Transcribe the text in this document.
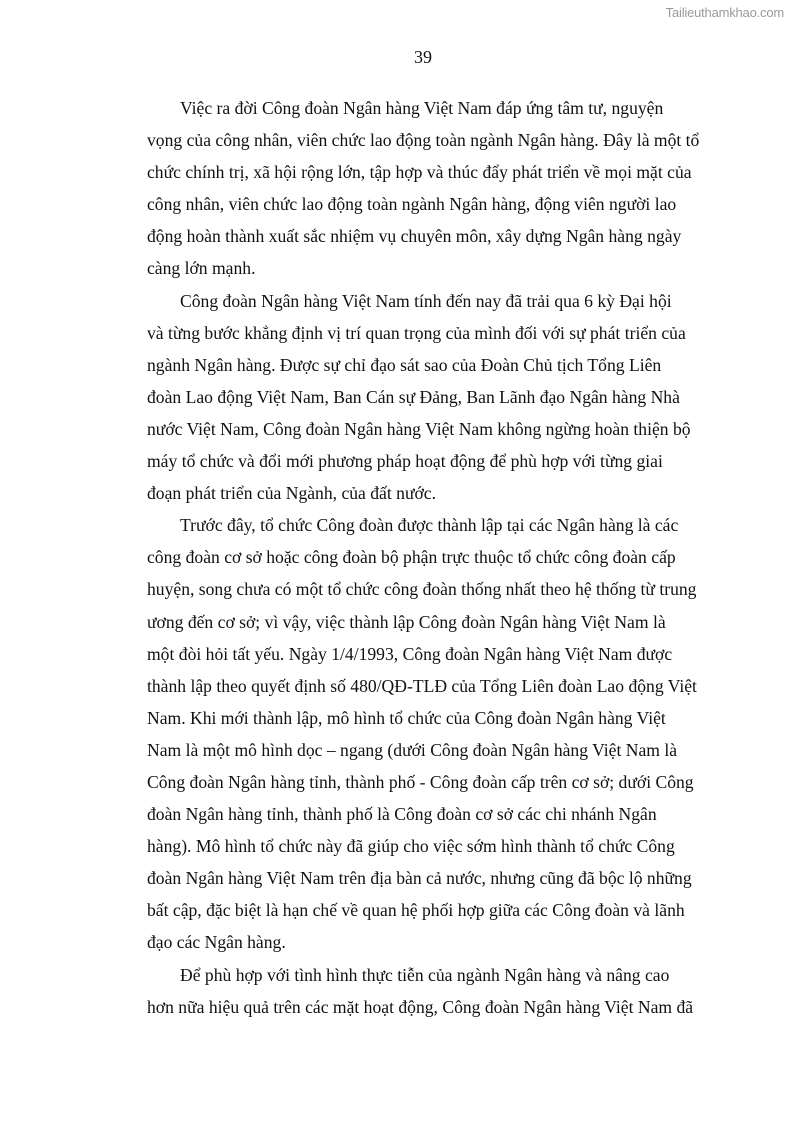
Tailieuthamkhao.com
39
Việc ra đời Công đoàn Ngân hàng Việt Nam đáp ứng tâm tư, nguyện
vọng của công nhân, viên chức lao động toàn ngành Ngân hàng. Đây là một tổ
chức chính trị, xã hội rộng lớn, tập hợp và thúc đẩy phát triển về mọi mặt của
công nhân, viên chức lao động toàn ngành Ngân hàng, động viên người lao
động hoàn thành xuất sắc nhiệm vụ chuyên môn, xây dựng Ngân hàng ngày
càng lớn mạnh.
Công đoàn Ngân hàng Việt Nam tính đến nay đã trải qua 6 kỳ Đại hội
và từng bước khẳng định vị trí quan trọng của mình đối với sự phát triển của
ngành Ngân hàng. Được sự chỉ đạo sát sao của Đoàn Chủ tịch Tổng Liên
đoàn Lao động Việt Nam, Ban Cán sự Đảng, Ban Lãnh đạo Ngân hàng Nhà
nước Việt Nam, Công đoàn Ngân hàng Việt Nam không ngừng hoàn thiện bộ
máy tổ chức và đổi mới phương pháp hoạt động để phù hợp với từng giai
đoạn phát triển của Ngành, của đất nước.
Trước đây, tổ chức Công đoàn được thành lập tại các Ngân hàng là các
công đoàn cơ sở hoặc công đoàn bộ phận trực thuộc tổ chức công đoàn cấp
huyện, song chưa có một tổ chức công đoàn thống nhất theo hệ thống từ trung
ương đến cơ sở; vì vậy, việc thành lập Công đoàn Ngân hàng Việt Nam là
một đòi hỏi tất yếu. Ngày 1/4/1993, Công đoàn Ngân hàng Việt Nam được
thành lập theo quyết định số 480/QĐ-TLĐ của Tổng Liên đoàn Lao động Việt
Nam. Khi mới thành lập, mô hình tổ chức của Công đoàn Ngân hàng Việt
Nam là một mô hình dọc – ngang (dưới Công đoàn Ngân hàng Việt Nam là
Công đoàn Ngân hàng tỉnh, thành phố - Công đoàn cấp trên cơ sở; dưới Công
đoàn Ngân hàng tỉnh, thành phố là Công đoàn cơ sở các chi nhánh Ngân
hàng). Mô hình tổ chức này đã giúp cho việc sớm hình thành tổ chức Công
đoàn Ngân hàng Việt Nam trên địa bàn cả nước, nhưng cũng đã bộc lộ những
bất cập, đặc biệt là hạn chế về quan hệ phối hợp giữa các Công đoàn và lãnh
đạo các Ngân hàng.
Để phù hợp với tình hình thực tiễn của ngành Ngân hàng và nâng cao
hơn nữa hiệu quả trên các mặt hoạt động, Công đoàn Ngân hàng Việt Nam đã
